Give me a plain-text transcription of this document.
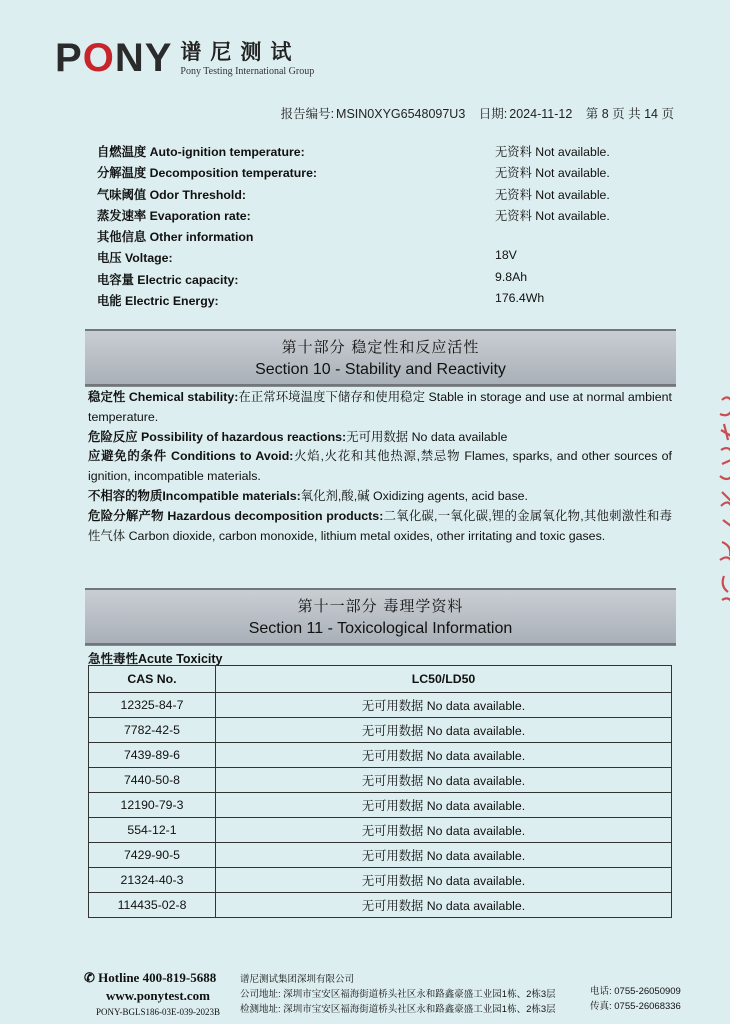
PONY 谱尼测试
Pony Testing International Group
报告编号: MSIN0XYG6548097U3 日期: 2024-11-12 第 8 页 共 14 页
自燃温度 Auto-ignition temperature:	无资料 Not available.
分解温度 Decomposition temperature:	无资料 Not available.
气味阈值 Odor Threshold:	无资料 Not available.
蒸发速率 Evaporation rate:	无资料 Not available.
其他信息 Other information
电压 Voltage:	18V
电容量 Electric capacity:	9.8Ah
电能 Electric Energy:	176.4Wh
第十部分 稳定性和反应活性
Section 10 - Stability and Reactivity

稳定性 Chemical stability:在正常环境温度下储存和使用稳定 Stable in storage and use at normal ambient temperature.

危险反应 Possibility of hazardous reactions:无可用数据 No data available

应避免的条件 Conditions to Avoid:火焰,火花和其他热源,禁忌物 Flames, sparks, and other sources of ignition, incompatible materials.

不相容的物质Incompatible materials:氧化剂,酸,碱 Oxidizing agents, acid base.

危险分解产物 Hazardous decomposition products:二氧化碳,一氧化碳,锂的金属氧化物,其他刺激性和毒性气体 Carbon dioxide, carbon monoxide, lithium metal oxides, other irritating and toxic gases.

第十一部分 毒理学资料
Section 11 - Toxicological Information
急性毒性Acute Toxicity
CAS No.	LC50/LD50
12325-84-7	无可用数据 No data available.
7782-42-5	无可用数据 No data available.
7439-89-6	无可用数据 No data available.
7440-50-8	无可用数据 No data available.
12190-79-3	无可用数据 No data available.
554-12-1	无可用数据 No data available.
7429-90-5	无可用数据 No data available.
21324-40-3	无可用数据 No data available.
114435-02-8	无可用数据 No data available.
✆ Hotline 400-819-5688
www.ponytest.com
PONY-BGLS186-03E-039-2023B
谱尼测试集团深圳有限公司
公司地址: 深圳市宝安区福海街道桥头社区永和路鑫豪盛工业园1栋、2栋3层
检测地址: 深圳市宝安区福海街道桥头社区永和路鑫豪盛工业园1栋、2栋3层
电话: 0755-26050909
传真: 0755-26068336
